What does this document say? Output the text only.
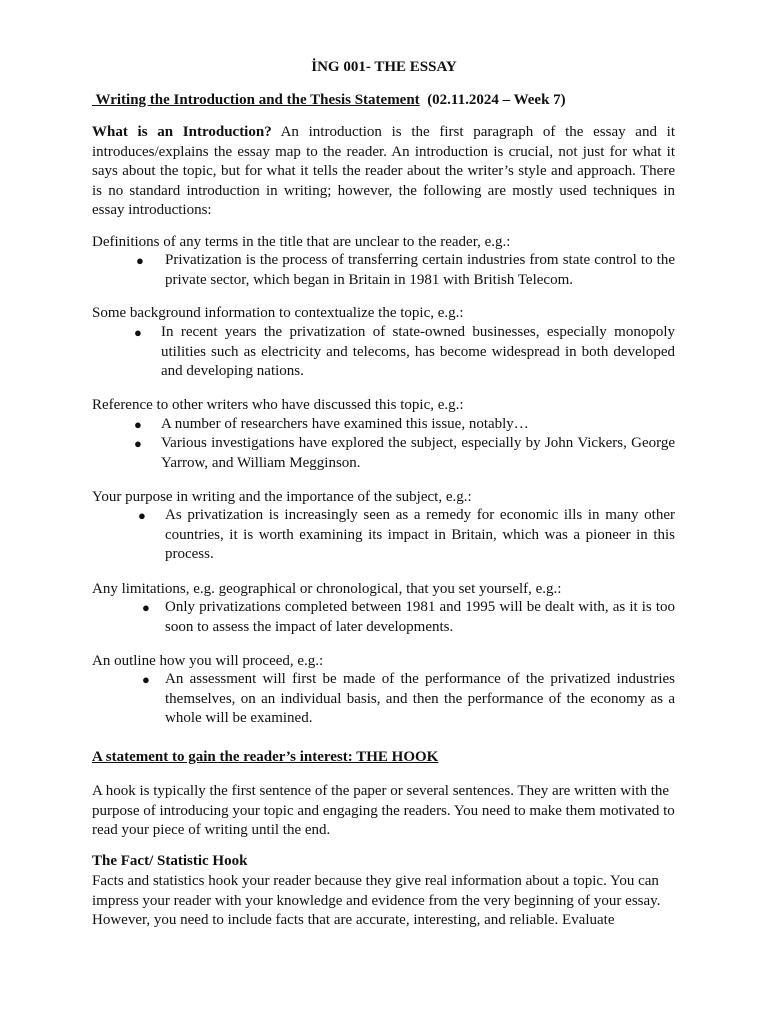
İNG 001- THE ESSAY
Writing the Introduction and the Thesis Statement  (02.11.2024 – Week 7)

What is an Introduction? An introduction is the first paragraph of the essay and it introduces/explains the essay map to the reader. An introduction is crucial, not just for what it says about the topic, but for what it tells the reader about the writer’s style and approach. There is no standard introduction in writing; however, the following are mostly used techniques in essay introductions:

Definitions of any terms in the title that are unclear to the reader, e.g.:
● Privatization is the process of transferring certain industries from state control to the private sector, which began in Britain in 1981 with British Telecom.

Some background information to contextualize the topic, e.g.:
● In recent years the privatization of state-owned businesses, especially monopoly utilities such as electricity and telecoms, has become widespread in both developed and developing nations.

Reference to other writers who have discussed this topic, e.g.:
● A number of researchers have examined this issue, notably…

● Various investigations have explored the subject, especially by John Vickers, George Yarrow, and William Megginson.

Your purpose in writing and the importance of the subject, e.g.:
● As privatization is increasingly seen as a remedy for economic ills in many other countries, it is worth examining its impact in Britain, which was a pioneer in this process.

Any limitations, e.g. geographical or chronological, that you set yourself, e.g.:
● Only privatizations completed between 1981 and 1995 will be dealt with, as it is too soon to assess the impact of later developments.

An outline how you will proceed, e.g.:
● An assessment will first be made of the performance of the privatized industries themselves, on an individual basis, and then the performance of the economy as a whole will be examined.

A statement to gain the reader’s interest: THE HOOK

A hook is typically the first sentence of the paper or several sentences. They are written with the purpose of introducing your topic and engaging the readers. You need to make them motivated to read your piece of writing until the end.

The Fact/ Statistic Hook

Facts and statistics hook your reader because they give real information about a topic. You can impress your reader with your knowledge and evidence from the very beginning of your essay. However, you need to include facts that are accurate, interesting, and reliable. Evaluate
